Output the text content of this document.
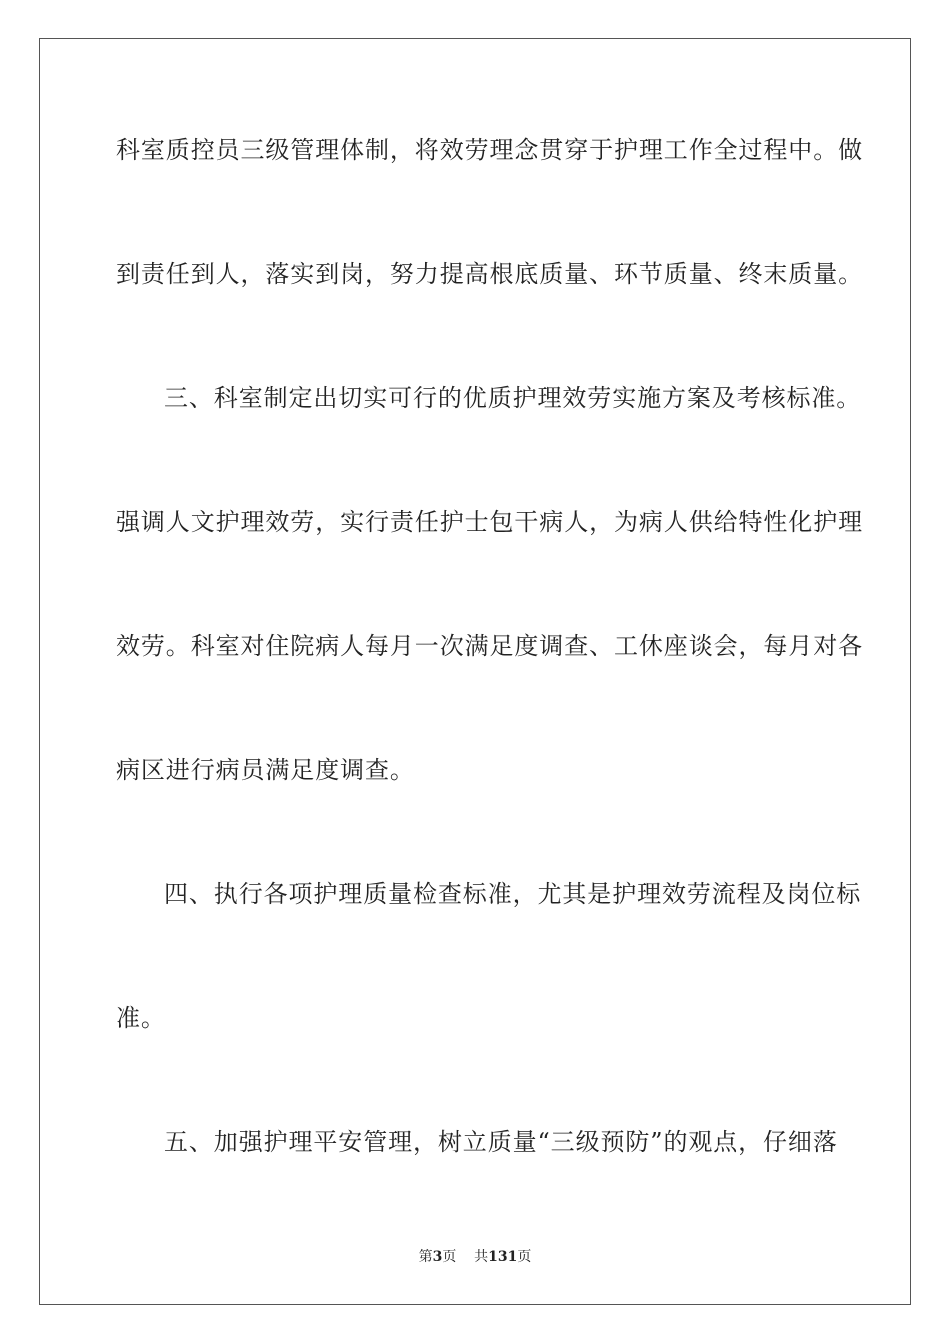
科室质控员三级管理体制，将效劳理念贯穿于护理工作全过程中。做
到责任到人，落实到岗，努力提高根底质量、环节质量、终末质量。
三、科室制定出切实可行的优质护理效劳实施方案及考核标准。
强调人文护理效劳，实行责任护士包干病人，为病人供给特性化护理
效劳。科室对住院病人每月一次满足度调查、工休座谈会，每月对各
病区进行病员满足度调查。
四、执行各项护理质量检查标准，尤其是护理效劳流程及岗位标
准。
五、加强护理平安管理，树立质量“三级预防”的观点，仔细落
第3页 共131页
